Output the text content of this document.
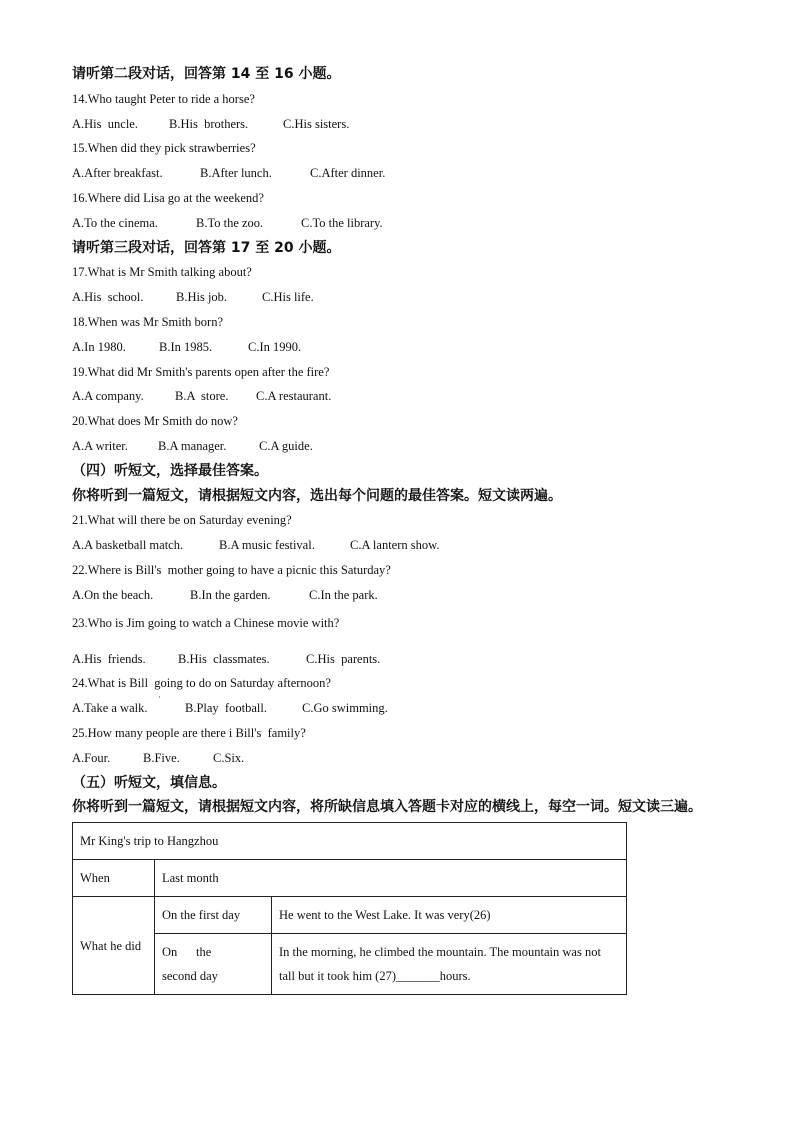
请听第二段对话，回答第 14 至 16 小题。
14.Who taught Peter to ride a horse?
A.His  uncle.	B.His  brothers.	C.His sisters.
15.When did they pick strawberries?
A.After breakfast.	B.After lunch.	C.After dinner.
16.Where did Lisa go at the weekend?
A.To the cinema.	B.To the zoo.	C.To the library.
请听第三段对话，回答第 17 至 20 小题。
17.What is Mr Smith talking about?
A.His  school.	B.His job.	C.His life.
18.When was Mr Smith born?
A.In 1980.	B.In 1985.	C.In 1990.
19.What did Mr Smith's parents open after the fire?
A.A company.	B.A  store.	C.A restaurant.
20.What does Mr Smith do now?
A.A writer.	B.A manager.	C.A guide.
（四）听短文，选择最佳答案。
你将听到一篇短文，请根据短文内容，选出每个问题的最佳答案。短文读两遍。
21.What will there be on Saturday evening?
A.A basketball match.	B.A music festival.	C.A lantern show.
22.Where is Bill's  mother going to have a picnic this Saturday?
A.On the beach.	B.In the garden.	C.In the park.
23.Who is Jim going to watch a Chinese movie with?
·
A.His  friends.	B.His  classmates.	C.His  parents.
24.What is Bill  going to do on Saturday afternoon?
A.Take a walk.	B.Play  football.	C.Go swimming.
25.How many people are there i Bill's  family?
A.Four.	B.Five.	C.Six.
（五）听短文，填信息。
你将听到一篇短文，请根据短文内容，将所缺信息填入答题卡对应的横线上，每空一词。短文读三遍。
Mr King's trip to Hangzhou		
When	Last month	
What he did	On the first day	He went to the West Lake. It was very(26)
	On      the      second day	In the morning, he climbed the mountain. The mountain was not tall but it took him (27)_______hours.
